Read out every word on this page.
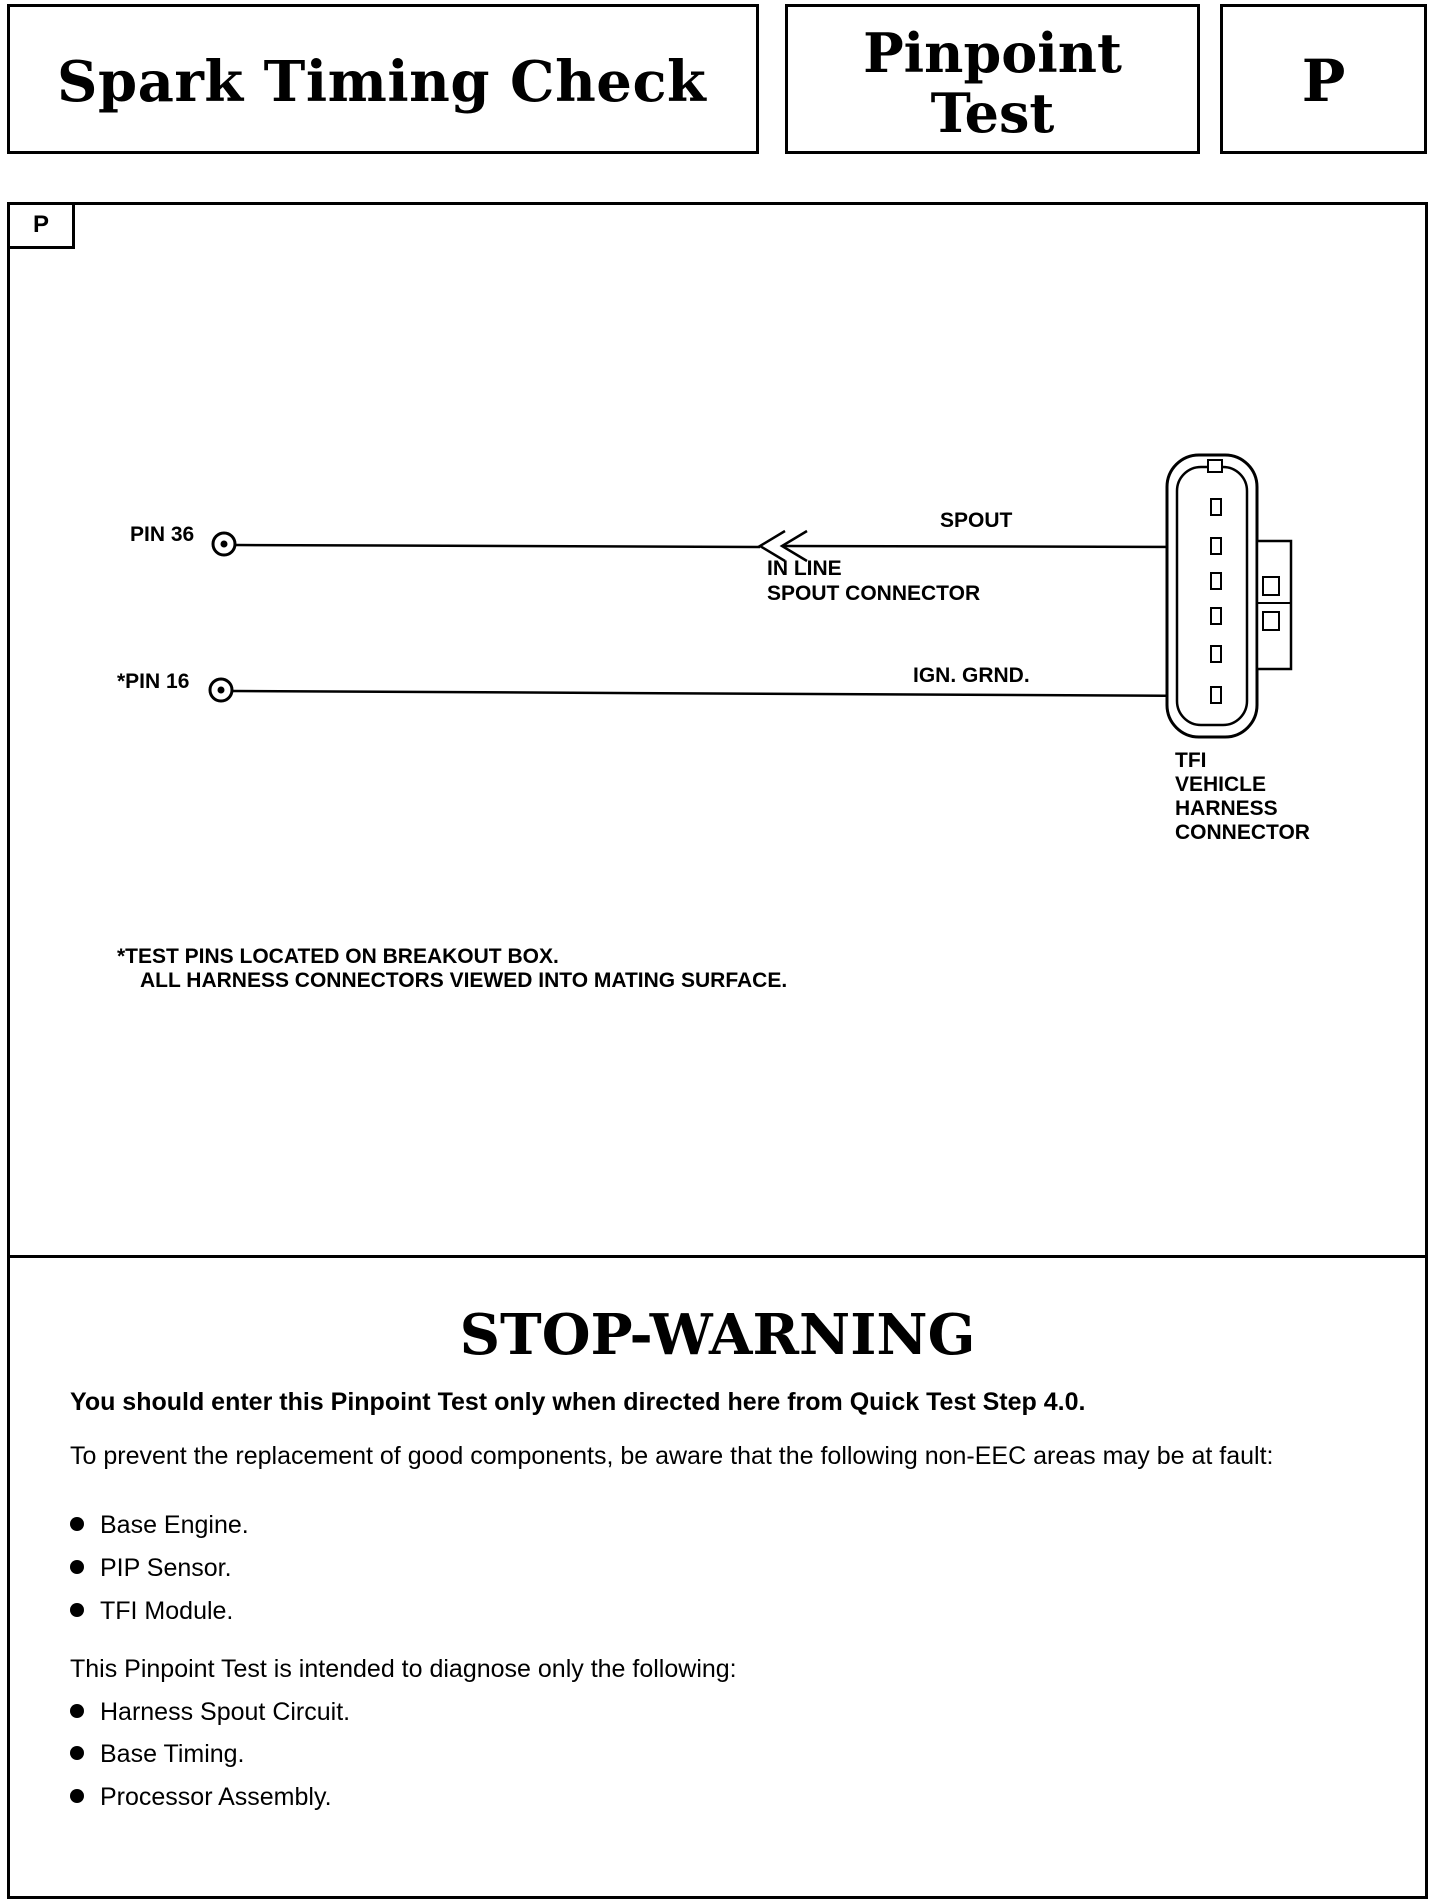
Spark Timing Check	Pinpoint
Test	P
P
PIN 36
SPOUT
IN LINE
SPOUT CONNECTOR
*PIN 16	IGN. GRND.
TFI
VEHICLE
HARNESS
CONNECTOR
*TEST PINS LOCATED ON BREAKOUT BOX.
ALL HARNESS CONNECTORS VIEWED INTO MATING SURFACE.
STOP-WARNING
You should enter this Pinpoint Test only when directed here from Quick Test Step 4.0.
To prevent the replacement of good components, be aware that the following non-EEC areas may be at fault:
Base Engine.
PIP Sensor.
TFI Module.
This Pinpoint Test is intended to diagnose only the following:
Harness Spout Circuit.
Base Timing.
Processor Assembly.
